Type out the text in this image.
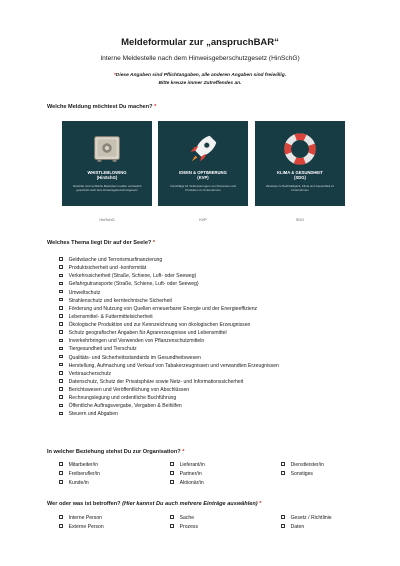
Meldeformular zur „anspruchBAR“
Interne Meldestelle nach dem Hinweisgeberschutzgesetz (HinSchG)
*Diese Angaben sind Pflichtangaben, alle anderen Angaben sind freiwillig.
Bitte kreuze immer Zutreffendes an.
Welche Meldung möchtest Du machen? *
WHISTLEBLOWING
(HinSchG)
Verstöße und rechtliche Bedenken melden vertraulich geschützt nach dem Hinweisgeberschutzgesetz
HinSchG
IDEEN & OPTIMIERUNG
(KVP)
Vorschläge für Verbesserungen von Prozessen und Produkten im Unternehmen
KVP
KLIMA & GESUNDHEIT
(SDG)
Hinweise zu Nachhaltigkeit, Klima und Gesundheit im Unternehmen
SDG
Welches Thema liegt Dir auf der Seele? *
Geldwäsche und Terrorismusfinanzierung
Produktsicherheit und -konformität
Verkehrssicherheit (Straße, Schiene, Luft- oder Seeweg)
Gefahrgutransporte (Straße, Schiene, Luft- oder Seeweg)
Umweltschutz
Strahlenschutz und kerntechnische Sicherheit
Förderung und Nutzung von Quellen erneuerbarer Energie und der Energieeffizienz
Lebensmittel- & Futtermittelsicherheit
Ökologische Produktion und zur Kennzeichnung von ökologischen Erzeugnissen
Schutz geografischer Angaben für Agrarerzeugnisse und Lebensmittel
Inverkehrbringen und Verwenden von Pflanzenschutzmitteln
Tiergesundheit und Tierschutz
Qualitäts- und Sicherheitsstandards im Gesundheitswesen
Herstellung, Aufmachung und Verkauf von Tabakerzeugnissen und verwandten Erzeugnissen
Verbraucherschutz
Datenschutz, Schutz der Privatsphäre sowie Netz- und Informationssicherheit
Berichtswesen und Veröffentlichung von Abschlüssen
Rechnungslegung und ordentliche Buchführung
Öffentliche Auftragsvergabe, Vergaben & Beihilfen
Steuern und Abgaben
In welcher Beziehung stehst Du zur Organisation? *
Mitarbeiter/in	Lieferant/in	Dienstleister/in
Freiberufler/in	Partner/in	Sonstiges
Kunde/in	Aktionär/in
Wer oder was ist betroffen? (Hier kannst Du auch mehrere Einträge auswählen) *
Interne Person	Sache	Gesetz / Richtlinie
Externe Person	Prozess	Daten
